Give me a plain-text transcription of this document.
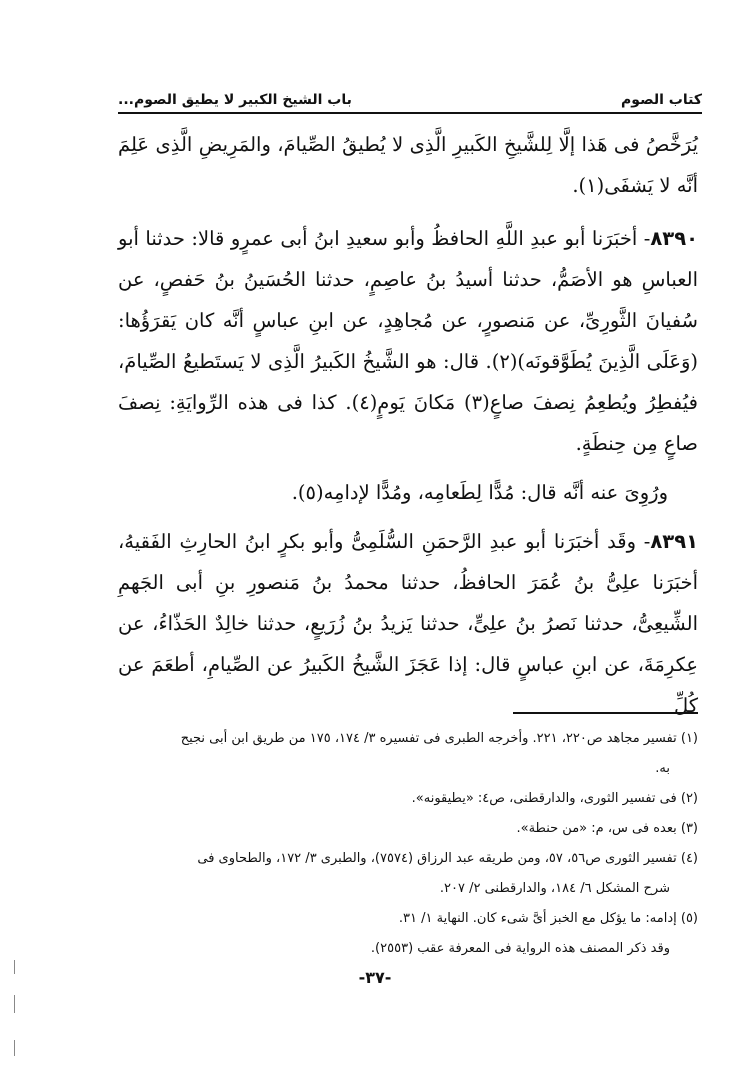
كتاب الصوم
باب الشيخ الكبير لا يطيق الصوم...

يُرَخَّصُ فى هَذا إلَّا لِلشَّيخِ الكَبيرِ الَّذِى لا يُطيقُ الصِّيامَ، والمَرِيضِ الَّذِى عَلِمَ أنَّه لا يَشفَى(١).

٨٣٩٠- أخبَرَنا أبو عبدِ اللَّهِ الحافظُ وأبو سعيدِ ابنُ أبى عمرٍو قالا: حدثنا أبو العباسِ هو الأصَمُّ، حدثنا أسيدُ بنُ عاصِمٍ، حدثنا الحُسَينُ بنُ حَفصٍ، عن سُفيانَ الثَّورِىِّ، عن مَنصورٍ، عن مُجاهِدٍ، عن ابنِ عباسٍ أنَّه كان يَقرَؤُها: (وَعَلَى الَّذِينَ يُطَوَّقونَه)(٢). قال: هو الشَّيخُ الكَبيرُ الَّذِى لا يَستَطيعُ الصِّيامَ، فيُفطِرُ ويُطعِمُ نِصفَ صاعٍ(٣) مَكانَ يَومٍ(٤). كذا فى هذه الرِّوايَةِ: نِصفَ صاعٍ مِن حِنطَةٍ.

ورُوِىَ عنه أنَّه قال: مُدًّا لِطَعامِه، ومُدًّا لإدامِه(٥).

٨٣٩١- وقَد أخبَرَنا أبو عبدِ الرَّحمَنِ السُّلَمِىُّ وأبو بكرٍ ابنُ الحارِثِ الفَقيهُ، أخبَرَنا علِىُّ بنُ عُمَرَ الحافظُ، حدثنا محمدُ بنُ مَنصورِ بنِ أبى الجَهمِ الشِّيعِىُّ، حدثنا نَصرُ بنُ علِىٍّ، حدثنا يَزيدُ بنُ زُرَيعٍ، حدثنا خالِدٌ الحَذّاءُ، عن عِكرِمَةَ، عن ابنِ عباسٍ قال: إذا عَجَزَ الشَّيخُ الكَبيرُ عن الصِّيامِ، أطعَمَ عن كُلِّ

(١) تفسير مجاهد ص٢٢٠، ٢٢١. وأخرجه الطبرى فى تفسيره ٣/ ١٧٤، ١٧٥ من طريق ابن أبى نجيح

به.

(٢) فى تفسير الثورى، والدارقطنى، ص٤: «يطيقونه».

(٣) بعده فى س، م: «من حنطة».

(٤) تفسير الثورى ص٥٦، ٥٧، ومن طريقه عبد الرزاق (٧٥٧٤)، والطبرى ٣/ ١٧٢، والطحاوى فى

شرح المشكل ٦/ ١٨٤، والدارقطنى ٢/ ٢٠٧.

(٥) إدامه: ما يؤكل مع الخبز أىَّ شىء كان. النهاية ١/ ٣١.

وقد ذكر المصنف هذه الرواية فى المعرفة عقب (٢٥٥٣).

-٣٧-
